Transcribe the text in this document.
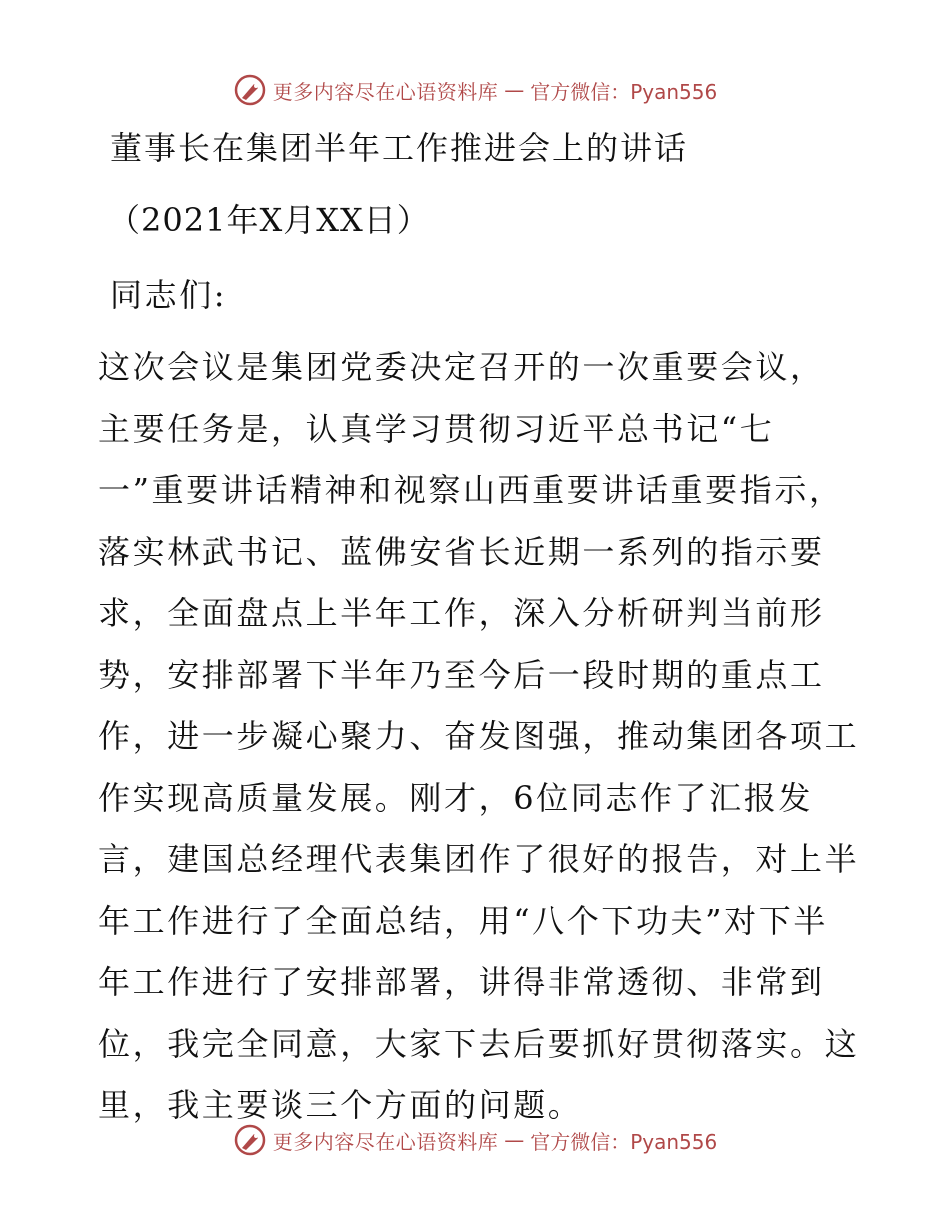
更多内容尽在心语资料库 — 官方微信：Pyan556
董事长在集团半年工作推进会上的讲话
（2021年X月XX日）
同志们:
这次会议是集团党委决定召开的一次重要会议，
主要任务是，认真学习贯彻习近平总书记“七
一”重要讲话精神和视察山西重要讲话重要指示，
落实林武书记、蓝佛安省长近期一系列的指示要
求，全面盘点上半年工作，深入分析研判当前形
势，安排部署下半年乃至今后一段时期的重点工
作，进一步凝心聚力、奋发图强，推动集团各项工
作实现高质量发展。刚才，6位同志作了汇报发
言，建国总经理代表集团作了很好的报告，对上半
年工作进行了全面总结，用“八个下功夫”对下半
年工作进行了安排部署，讲得非常透彻、非常到
位，我完全同意，大家下去后要抓好贯彻落实。这
里，我主要谈三个方面的问题。
更多内容尽在心语资料库 — 官方微信：Pyan556
